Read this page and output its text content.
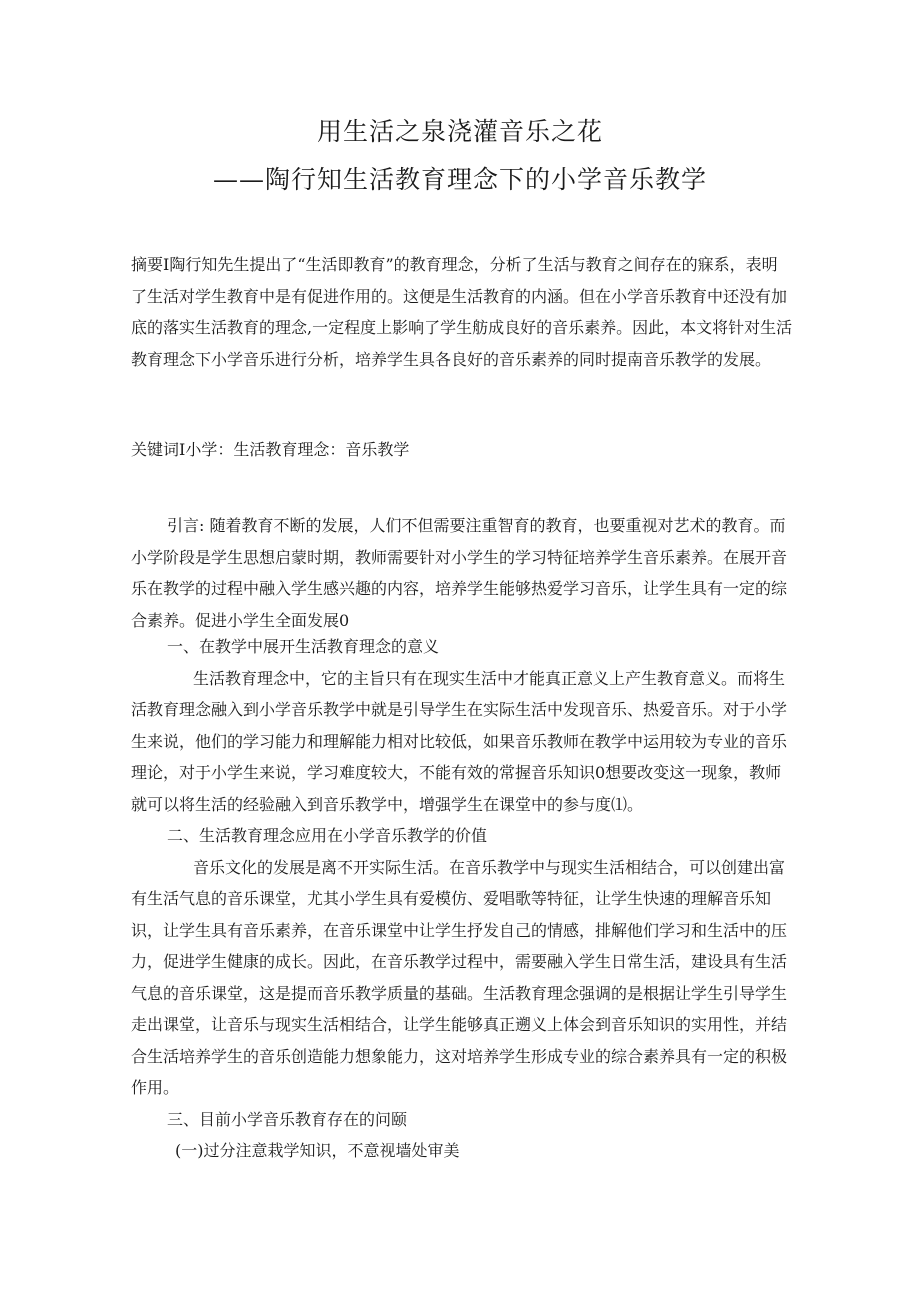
用生活之泉浇灌音乐之花
——陶行知生活教育理念下的小学音乐教学

摘要I陶行知先生提出了“生活即教育”的教育理念，分析了生活与教育之间存在的寐系，表明了生活对学生教育中是有促进作用的。这便是生活教育的内涵。但在小学音乐教育中还没有加底的落实生活教育的理念,一定程度上影响了学生舫成良好的音乐素养。因此，本文将针对生活教育理念下小学音乐进行分析，培养学生具各良好的音乐素养的同时提南音乐教学的发展。

关键词I小学：生活教育理念：音乐教学

引言: 随着教育不断的发展，人们不但需要注重智育的教育，也要重视对艺术的教育。而小学阶段是学生思想启蒙时期，教师需要针对小学生的学习特征培养学生音乐素养。在展开音乐在教学的过程中融入学生感兴趣的内容，培养学生能够热爱学习音乐，让学生具有一定的综合素养。促进小学生全面发展0

一、在教学中展开生活教育理念的意义

生活教育理念中，它的主旨只有在现实生活中才能真正意义上产生教育意义。而将生活教育理念融入到小学音乐教学中就是引导学生在实际生活中发现音乐、热爱音乐。对于小学生来说，他们的学习能力和理解能力相对比较低，如果音乐教师在教学中运用较为专业的音乐理论，对于小学生来说，学习难度较大，不能有效的常握音乐知识0想要改变这一现象，教师就可以将生活的经验融入到音乐教学中，增强学生在课堂中的参与度⑴。

二、生活教育理念应用在小学音乐教学的价值

音乐文化的发展是离不开实际生活。在音乐教学中与现实生活相结合，可以创建出富有生活气息的音乐课堂，尤其小学生具有爱模仿、爱唱歌等特征，让学生快速的理解音乐知识，让学生具有音乐素养，在音乐课堂中让学生抒发自己的情感，排解他们学习和生活中的压力，促进学生健康的成长。因此，在音乐教学过程中，需要融入学生日常生活，建设具有生活气息的音乐课堂，这是提而音乐教学质量的基础。生活教育理念强调的是根据让学生引导学生走出课堂，让音乐与现实生活相结合，让学生能够真正遡义上体会到音乐知识的实用性，并结合生活培养学生的音乐创造能力想象能力，这对培养学生形成专业的综合素养具有一定的积极作用。

三、目前小学音乐教育存在的问颐

(一)过分注意栽学知识，不意视墙处审美
